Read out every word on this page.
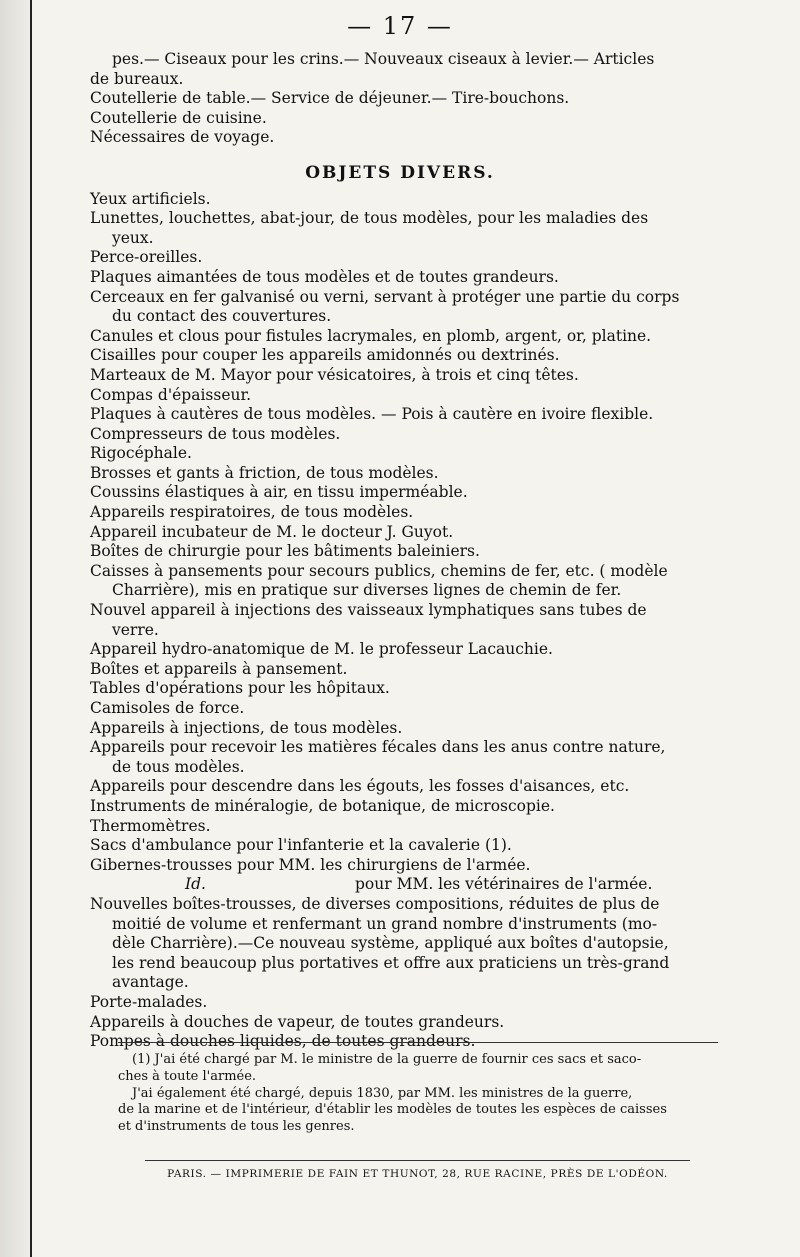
— 17 —
pes.— Ciseaux pour les crins.— Nouveaux ciseaux à levier.— Articles
de bureaux.
Coutellerie de table.— Service de déjeuner.— Tire-bouchons.
Coutellerie de cuisine.
Nécessaires de voyage.
OBJETS DIVERS.
Yeux artificiels.
Lunettes, louchettes, abat-jour, de tous modèles, pour les maladies des
yeux.
Perce-oreilles.
Plaques aimantées de tous modèles et de toutes grandeurs.
Cerceaux en fer galvanisé ou verni, servant à protéger une partie du corps
du contact des couvertures.
Canules et clous pour fistules lacrymales, en plomb, argent, or, platine.
Cisailles pour couper les appareils amidonnés ou dextrinés.
Marteaux de M. Mayor pour vésicatoires, à trois et cinq têtes.
Compas d'épaisseur.
Plaques à cautères de tous modèles. — Pois à cautère en ivoire flexible.
Compresseurs de tous modèles.
Rigocéphale.
Brosses et gants à friction, de tous modèles.
Coussins élastiques à air, en tissu imperméable.
Appareils respiratoires, de tous modèles.
Appareil incubateur de M. le docteur J. Guyot.
Boîtes de chirurgie pour les bâtiments baleiniers.
Caisses à pansements pour secours publics, chemins de fer, etc. ( modèle
Charrière), mis en pratique sur diverses lignes de chemin de fer.
Nouvel appareil à injections des vaisseaux lymphatiques sans tubes de
verre.
Appareil hydro-anatomique de M. le professeur Lacauchie.
Boîtes et appareils à pansement.
Tables d'opérations pour les hôpitaux.
Camisoles de force.
Appareils à injections, de tous modèles.
Appareils pour recevoir les matières fécales dans les anus contre nature,
de tous modèles.
Appareils pour descendre dans les égouts, les fosses d'aisances, etc.
Instruments de minéralogie, de botanique, de microscopie.
Thermomètres.
Sacs d'ambulance pour l'infanterie et la cavalerie (1).
Gibernes-trousses pour MM. les chirurgiens de l'armée.
Id.	pour MM. les vétérinaires de l'armée.
Nouvelles boîtes-trousses, de diverses compositions, réduites de plus de
moitié de volume et renfermant un grand nombre d'instruments (mo-
dèle Charrière).—Ce nouveau système, appliqué aux boîtes d'autopsie,
les rend beaucoup plus portatives et offre aux praticiens un très-grand
avantage.
Porte-malades.
Appareils à douches de vapeur, de toutes grandeurs.
Pompes à douches liquides, de toutes grandeurs.
(1) J'ai été chargé par M. le ministre de la guerre de fournir ces sacs et saco-
ches à toute l'armée.
J'ai également été chargé, depuis 1830, par MM. les ministres de la guerre,
de la marine et de l'intérieur, d'établir les modèles de toutes les espèces de caisses
et d'instruments de tous les genres.
PARIS. — IMPRIMERIE DE FAIN ET THUNOT, 28, RUE RACINE, PRÈS DE L'ODÉON.
